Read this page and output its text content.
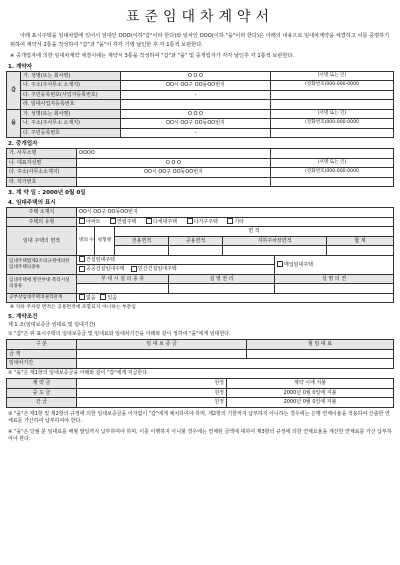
표준임대차계약서
아래 표시주택을 임대차함에 있어서 임대인 OOO(이하"갑"이라 한다)와 임차인 OOO(이하 "을"이라 한다)은 아래의 내용으로 임대차계약을 체결하고 이를 증명하기 위하여 계약서 2통을 작성하여 "갑"과 "을"이 각각 기명 날인한 후 각 1통씩 보관한다.
※ 중개업자에 의한 임대차계약 체결시에는 계약서 3통을 작성하여 "갑"과 "을" 및 중개업자가 각각 날인후 각 1통씩 보관한다.
1. 계약자
갑	가. 성명(또는 회사명)	O O O	(서명 또는 인)
	나. 주소(주사무소 소재지)	OO시 OO구 OO동OO번지	(전화번호)000-000-0000
	다. 주민등록번호(사업자등록번호)	-	
	라. 임대사업자등록번호		
을	가. 성명(또는 회사명)	O O O	(서명 또는 인)
	나. 주소(주사무소 소재지)	OO시 OO구 OO동OO번지	(전화번호)000-000-0000
	다. 주민등록번호	-	
2. 중개업자
가. 사무소명	OOOO	
나. 대표자성명	O O O	(서명 또는 인)
다. 주소(사무소소재지)	OO시 OO구 OO동OO번지	(전화번호)000-000-0000
라. 허가번호		
3. 계 약 일 : 2000년 0월 0일
4. 임대주택의 표시
주택 소재지	OO시 OO구 OO동OO번지						
주택의 유형	아파트 연립주택 다세대주택 다가구주택 기타						
임대 주택의 면적	방의 수	평형별	면 적				
			전용면적	공용면적	지하주차장면적		합 계

임대주택법제2조의규정에의한임대주택의종류	건설임대주택					매입임대주택	
	공공건설임대주택 민간건설임대주택						
임대주택에 딸린부대·복리시설의종류	부 대 시 설 의 종 류			설 명 권 리		설 명 의 견	

공부상임대주택의권리관계	없음 있음						
※ 지하 주차장 면적은 공용면적에 포함되지 아니하는 부분임
5. 계약조건
제 1 조(임대보증금·임대료 및 임대기간)
① "갑"은 위 표시주택의 임대보증금 및 임대료와 임대차기간을 아래와 같이 정하여 "을"에게 임대한다.
구 분	임 대 보 증 금	월 임 대 료
금 액		
임대차기간		
② "을"은 제1항의 임대보증금을 아래와 같이 "갑"에게 지급한다.
계 약 금	원정	계약 시에 지불
중 도 금	원정	2000년 0월 0일에 지불
잔 금	원정	2000년 0월 0일에 지불
③ "을"은 제1항 및 제2항의 규정에 의한 임대보증금을 이자없이 "갑"에게 예치하여야 하며, 제2항의 기한까지 납부하지 아니하는 경우에는 은행 연체이율을 적용하여 산출한 연체료를 가산하여 납부하여야 한다.
④ "을"은 당월 분 임대료를 매월 말일까지 납부하여야 하며, 이를 이행하지 아니할 경우에는 연체된 금액에 대하여 제3항의 규정에 의한 연체요율을 계산한 연체료를 가산 납부하여야 한다.
